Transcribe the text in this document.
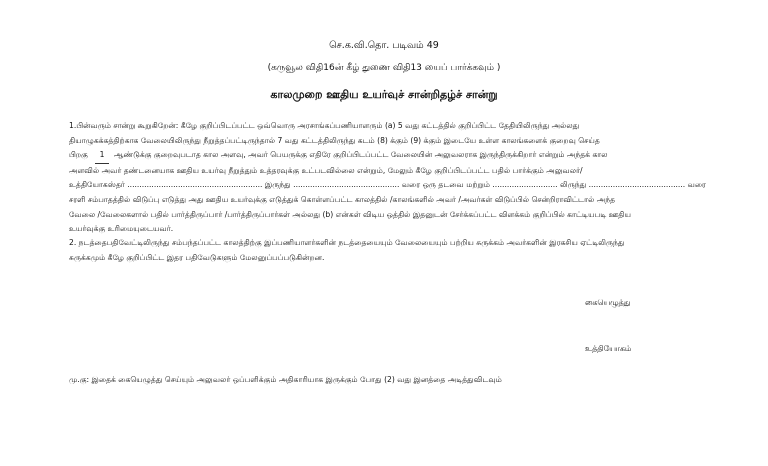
செ.க.வி.தொ. படிவம் 49
(கருவூல விதி16ன் கீழ் துணை விதி13 யைப் பார்க்கவும் )
காலமுறை ஊதிய உயர்வுச் சான்றிதழ்ச் சான்று
1.பின்வரும் சான்று கூறுகிறேன்: கீழே குறிப்பிடப்பட்ட ஒவ்வொரு அரசாங்கப்பணியாளரும் (a) 5 வது கட்டத்தில் குறிப்பிட்ட தேதியிலிருந்து அல்லது
தியாழுகக்கத்திற்காக வேலையிலிருந்து நீறுத்தப்பட்டிருந்தால் 7 வது கட்டத்திலிருந்து கடம் (8) க்கும் (9) க்கும் இடையே உள்ள காலங்களைக் குறைவு செய்த
பிறகு 1 ஆண்டுக்கு குறைவுபடாத கால அளவு, அவர் பெயருக்கு எதிரே குறிப்பிடப்பட்ட வேலையின் அலுவலராக இருந்திருக்கிறார் என்றும் அந்தக் கால
அளவில் அவர் தண்டனையாக ஊதிய உயர்வு நீறுத்தும் உத்தரவுக்கு உட்படவில்லை என்றும், மேலும் கீழே குறிப்பிடப்பட்ட பதில் பார்க்கும் அலுவலர்/
உத்தியோகஸ்தர் ........................................................ இருந்து ............................................ வரை ஒரு தடவை மற்றும் ........................... லிருந்து ........................................ வரை
சரளி சம்பாதத்தில் விடுப்பு எடுத்து அது ஊதிய உயர்வுக்கு எடுத்துக் கொள்ளப்பட்ட காலத்தில் /காலங்களில் அவர் /அவர்கள் விடுப்பில் சென்றிராவிட்டால் அந்த
வேலை /வேலைகளால் பதில் பார்த்திருப்பார் /பார்த்திருப்பார்கள் அல்லது (b) என்கள் விடிய ஒத்தில் இதனுடன் சேர்க்கப்பட்ட விளக்கம் குறிப்பில் காட்டியபடி ஊதிய
உயர்வுக்கு உரிமையுடையவர்.
2. நடத்தைபதிவேட்டிலிருந்து சம்பந்தப்பட்ட காலத்திற்கு இப்பணியாளர்களின் நடத்தையையும் வேலையையும் பற்றிய சுருக்கம் அவர்களின் இரகசிய ஏட்டிலிருந்து
சுருக்கமும் கீழே குறிப்பிட்ட இதர பதிவேடுகளும் மேலனுப்பப்படுகின்றன.
கையெழுத்து
உத்தியோகம்
மு.கு: இதைக் கையெழுத்து செய்யும் அலுவலர் ஒப்பளிக்கும் அதிகாரியாக இருக்கும் போது (2) வது இனத்தை அடித்துவிடவும்
